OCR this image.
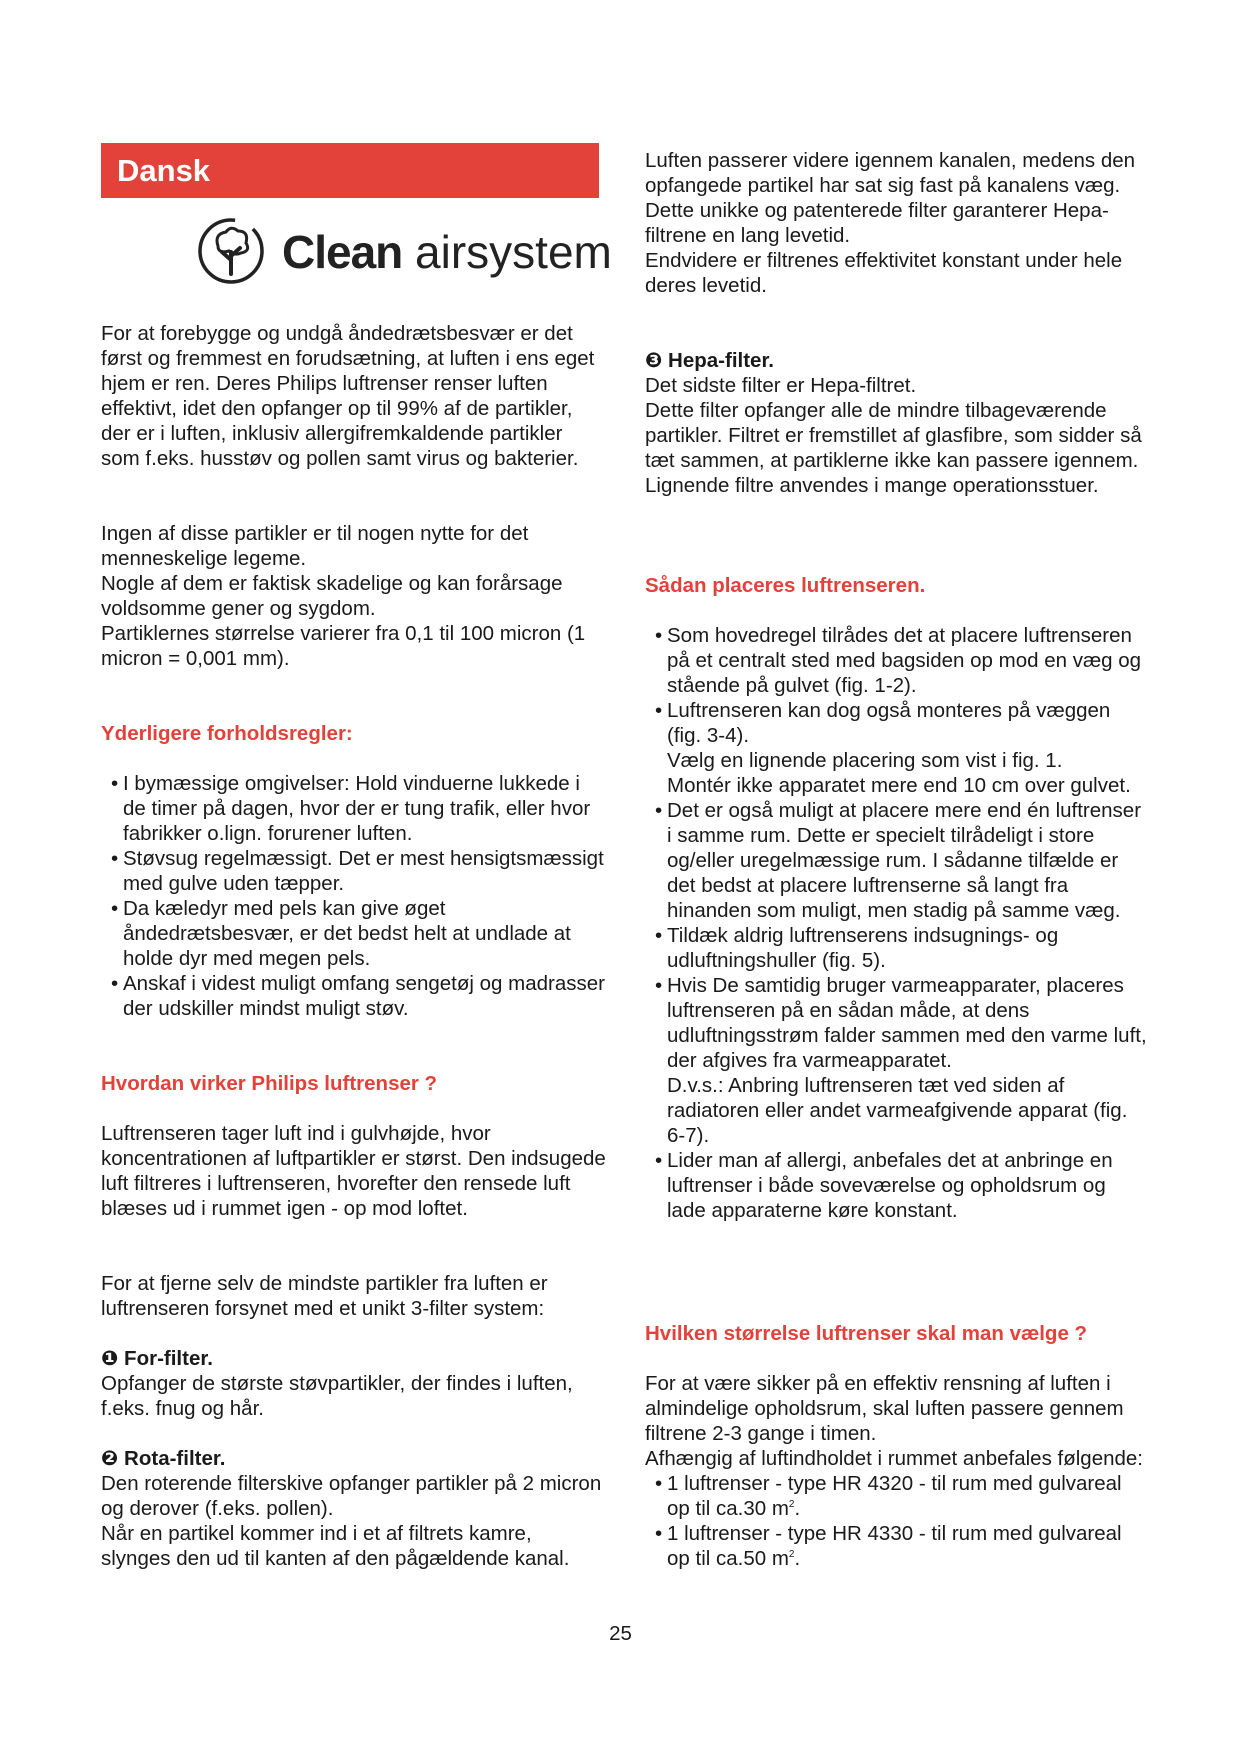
Dansk
Clean airsystem

For at forebygge og undgå åndedrætsbesvær er det først og fremmest en forudsætning, at luften i ens eget hjem er ren. Deres Philips luftrenser renser luften effektivt, idet den opfanger op til 99% af de partikler, der er i luften, inklusiv allergifremkaldende partikler som f.eks. husstøv og pollen samt virus og bakterier.

Ingen af disse partikler er til nogen nytte for det menneskelige legeme.

Nogle af dem er faktisk skadelige og kan forårsage voldsomme gener og sygdom.

Partiklernes størrelse varierer fra 0,1 til 100 micron (1 micron = 0,001 mm).

Yderligere forholdsregler:
• I bymæssige omgivelser: Hold vinduerne lukkede i de timer på dagen, hvor der er tung trafik, eller hvor fabrikker o.lign. forurener luften.
• Støvsug regelmæssigt. Det er mest hensigtsmæssigt med gulve uden tæpper.
• Da kæledyr med pels kan give øget åndedrætsbesvær, er det bedst helt at undlade at holde dyr med megen pels.
• Anskaf i videst muligt omfang sengetøj og madrasser der udskiller mindst muligt støv.
Hvordan virker Philips luftrenser ?
Luftrenseren tager luft ind i gulvhøjde, hvor koncentrationen af luftpartikler er størst. Den indsugede luft filtreres i luftrenseren, hvorefter den rensede luft blæses ud i rummet igen - op mod loftet.
For at fjerne selv de mindste partikler fra luften er luftrenseren forsynet med et unikt 3-filter system:

❶ For-filter.

Opfanger de største støvpartikler, der findes i luften, f.eks. fnug og hår.

❷ Rota-filter.

Den roterende filterskive opfanger partikler på 2 micron og derover (f.eks. pollen).

Når en partikel kommer ind i et af filtrets kamre, slynges den ud til kanten af den pågældende kanal.

Luften passerer videre igennem kanalen, medens den opfangede partikel har sat sig fast på kanalens væg.

Dette unikke og patenterede filter garanterer Hepa-filtrene en lang levetid.

Endvidere er filtrenes effektivitet konstant under hele deres levetid.

❸ Hepa-filter.

Det sidste filter er Hepa-filtret.

Dette filter opfanger alle de mindre tilbageværende partikler. Filtret er fremstillet af glasfibre, som sidder så tæt sammen, at partiklerne ikke kan passere igennem.

Lignende filtre anvendes i mange operationsstuer.

Sådan placeres luftrenseren.
• Som hovedregel tilrådes det at placere luftrenseren på et centralt sted med bagsiden op mod en væg og stående på gulvet (fig. 1-2).
• Luftrenseren kan dog også monteres på væggen (fig. 3-4).
Vælg en lignende placering som vist i fig. 1.
Montér ikke apparatet mere end 10 cm over gulvet.
• Det er også muligt at placere mere end én luftrenser i samme rum. Dette er specielt tilrådeligt i store og/eller uregelmæssige rum. I sådanne tilfælde er det bedst at placere luftrenserne så langt fra hinanden som muligt, men stadig på samme væg.
• Tildæk aldrig luftrenserens indsugnings- og udluftningshuller (fig. 5).
• Hvis De samtidig bruger varmeapparater, placeres luftrenseren på en sådan måde, at dens udluftningsstrøm falder sammen med den varme luft, der afgives fra varmeapparatet.
D.v.s.: Anbring luftrenseren tæt ved siden af radiatoren eller andet varmeafgivende apparat (fig. 6-7).
• Lider man af allergi, anbefales det at anbringe en luftrenser i både soveværelse og opholdsrum og lade apparaterne køre konstant.
Hvilken størrelse luftrenser skal man vælge ?

For at være sikker på en effektiv rensning af luften i almindelige opholdsrum, skal luften passere gennem filtrene 2-3 gange i timen.

Afhængig af luftindholdet i rummet anbefales følgende:

• 1 luftrenser - type HR 4320 - til rum med gulvareal op til ca.30 $m^2$.
• 1 luftrenser - type HR 4330 - til rum med gulvareal op til ca.50 $m^2$.
25
